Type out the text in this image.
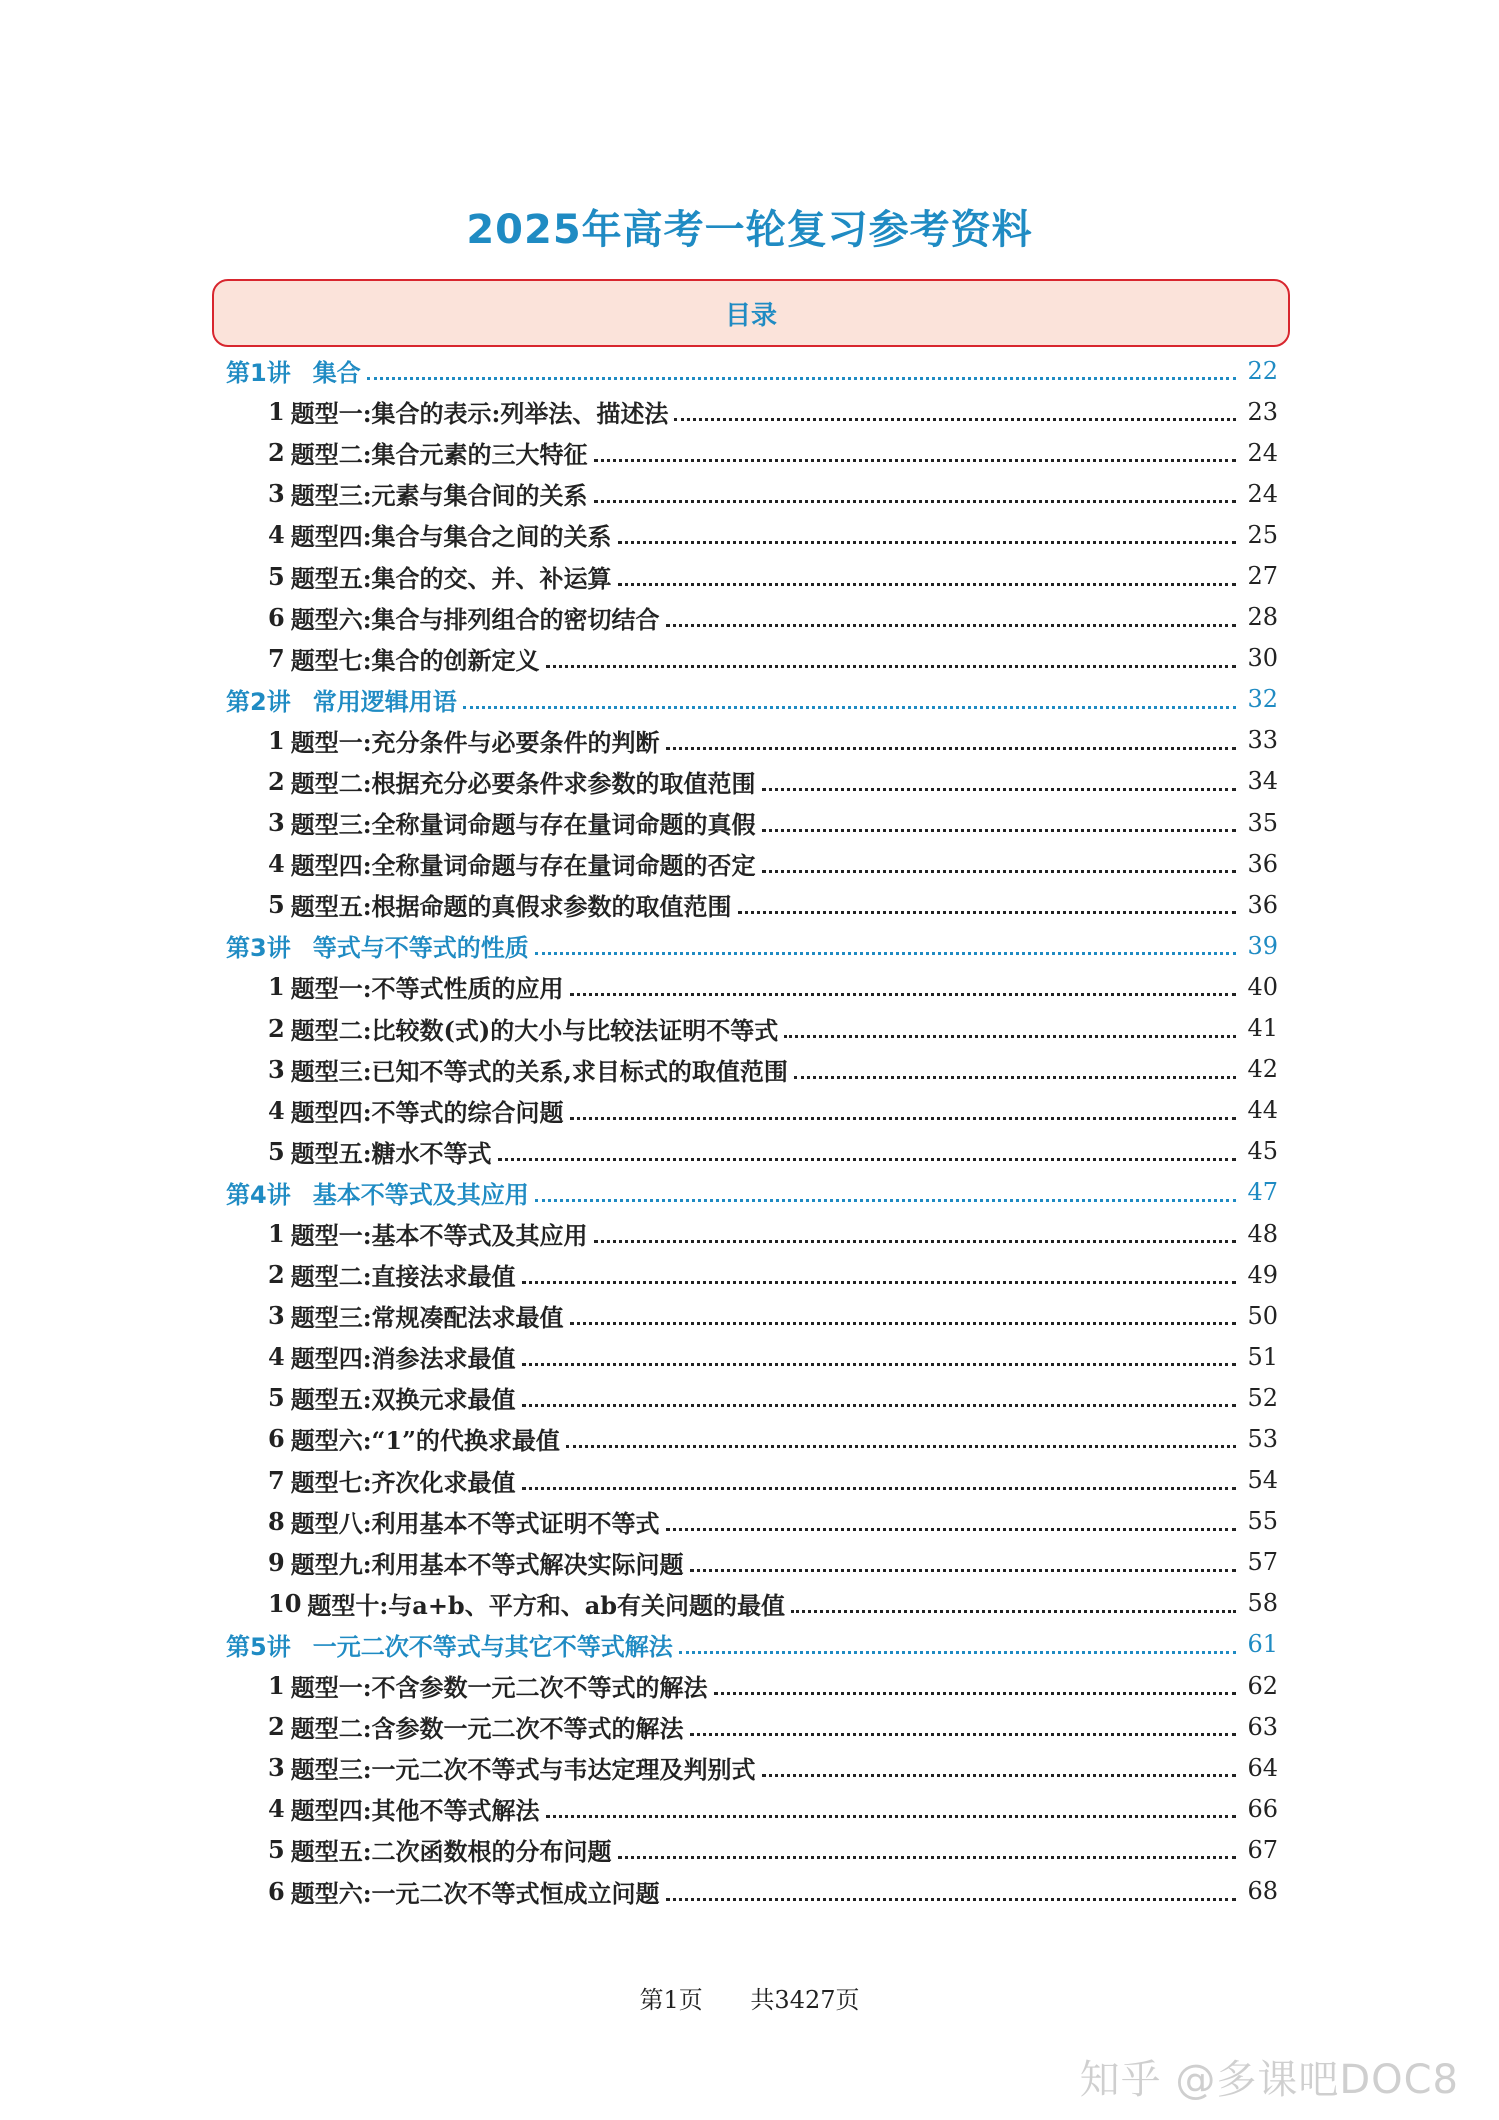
2025年高考一轮复习参考资料
目录
第1讲 集合	22
1 题型一:集合的表示:列举法、描述法	23
2 题型二:集合元素的三大特征	24
3 题型三:元素与集合间的关系	24
4 题型四:集合与集合之间的关系	25
5 题型五:集合的交、并、补运算	27
6 题型六:集合与排列组合的密切结合	28
7 题型七:集合的创新定义	30
第2讲 常用逻辑用语	32
1 题型一:充分条件与必要条件的判断	33
2 题型二:根据充分必要条件求参数的取值范围	34
3 题型三:全称量词命题与存在量词命题的真假	35
4 题型四:全称量词命题与存在量词命题的否定	36
5 题型五:根据命题的真假求参数的取值范围	36
第3讲 等式与不等式的性质	39
1 题型一:不等式性质的应用	40
2 题型二:比较数(式)的大小与比较法证明不等式	41
3 题型三:已知不等式的关系,求目标式的取值范围	42
4 题型四:不等式的综合问题	44
5 题型五:糖水不等式	45
第4讲 基本不等式及其应用	47
1 题型一:基本不等式及其应用	48
2 题型二:直接法求最值	49
3 题型三:常规凑配法求最值	50
4 题型四:消参法求最值	51
5 题型五:双换元求最值	52
6 题型六:“1”的代换求最值	53
7 题型七:齐次化求最值	54
8 题型八:利用基本不等式证明不等式	55
9 题型九:利用基本不等式解决实际问题	57
10 题型十:与a+b、平方和、ab有关问题的最值	58
第5讲 一元二次不等式与其它不等式解法	61
1 题型一:不含参数一元二次不等式的解法	62
2 题型二:含参数一元二次不等式的解法	63
3 题型三:一元二次不等式与韦达定理及判别式	64
4 题型四:其他不等式解法	66
5 题型五:二次函数根的分布问题	67
6 题型六:一元二次不等式恒成立问题	68
第1页 共3427页
知乎 @多课吧DOC8
